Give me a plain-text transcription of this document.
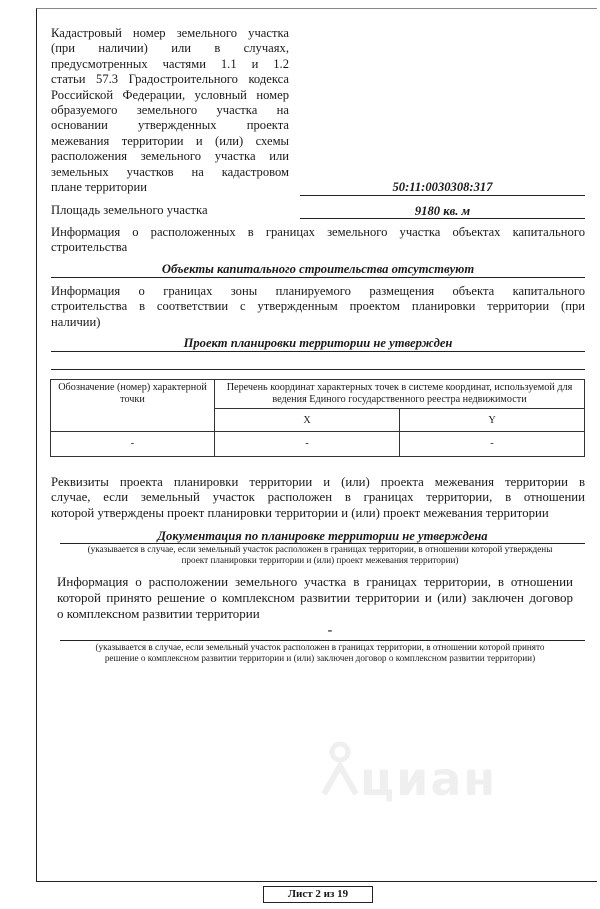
Кадастровый номер земельного участка
(при наличии) или в случаях,
предусмотренных частями 1.1 и 1.2
статьи 57.3 Градостроительного кодекса
Российской Федерации, условный номер
образуемого земельного участка на
основании утвержденных проекта
межевания территории и (или) схемы
расположения земельного участка или
земельных участков на кадастровом
плане территории	50:11:0030308:317
Площадь земельного участка	9180 кв. м
Информация о расположенных в границах земельного участка объектах капитального
строительства
Объекты капитального строительства отсутствуют
Информация о границах зоны планируемого размещения объекта капитального
строительства в соответствии с утвержденным проектом планировки территории (при
наличии)
Проект планировки территории не утвержден
Обозначение (номер) характерной точки	Перечень координат характерных точек в системе координат, используемой для ведения Единого государственного реестра недвижимости	
	X	Y
-	-	-
Реквизиты проекта планировки территории и (или) проекта межевания территории в
случае, если земельный участок расположен в границах территории, в отношении
которой утверждены проект планировки территории и (или) проект межевания территории
Документация по планировке территории не утверждена
(указывается в случае, если земельный участок расположен в границах территории, в отношении которой утверждены
проект планировки территории и (или) проект межевания территории)
Информация о расположении земельного участка в границах территории, в отношении
которой принято решение о комплексном развитии территории и (или) заключен договор
о комплексном развитии территории
-
(указывается в случае, если земельный участок расположен в границах территории, в отношении которой принято
решение о комплексном развитии территории и (или) заключен договор о комплексном развитии территории)
циан
Лист 2 из 19
